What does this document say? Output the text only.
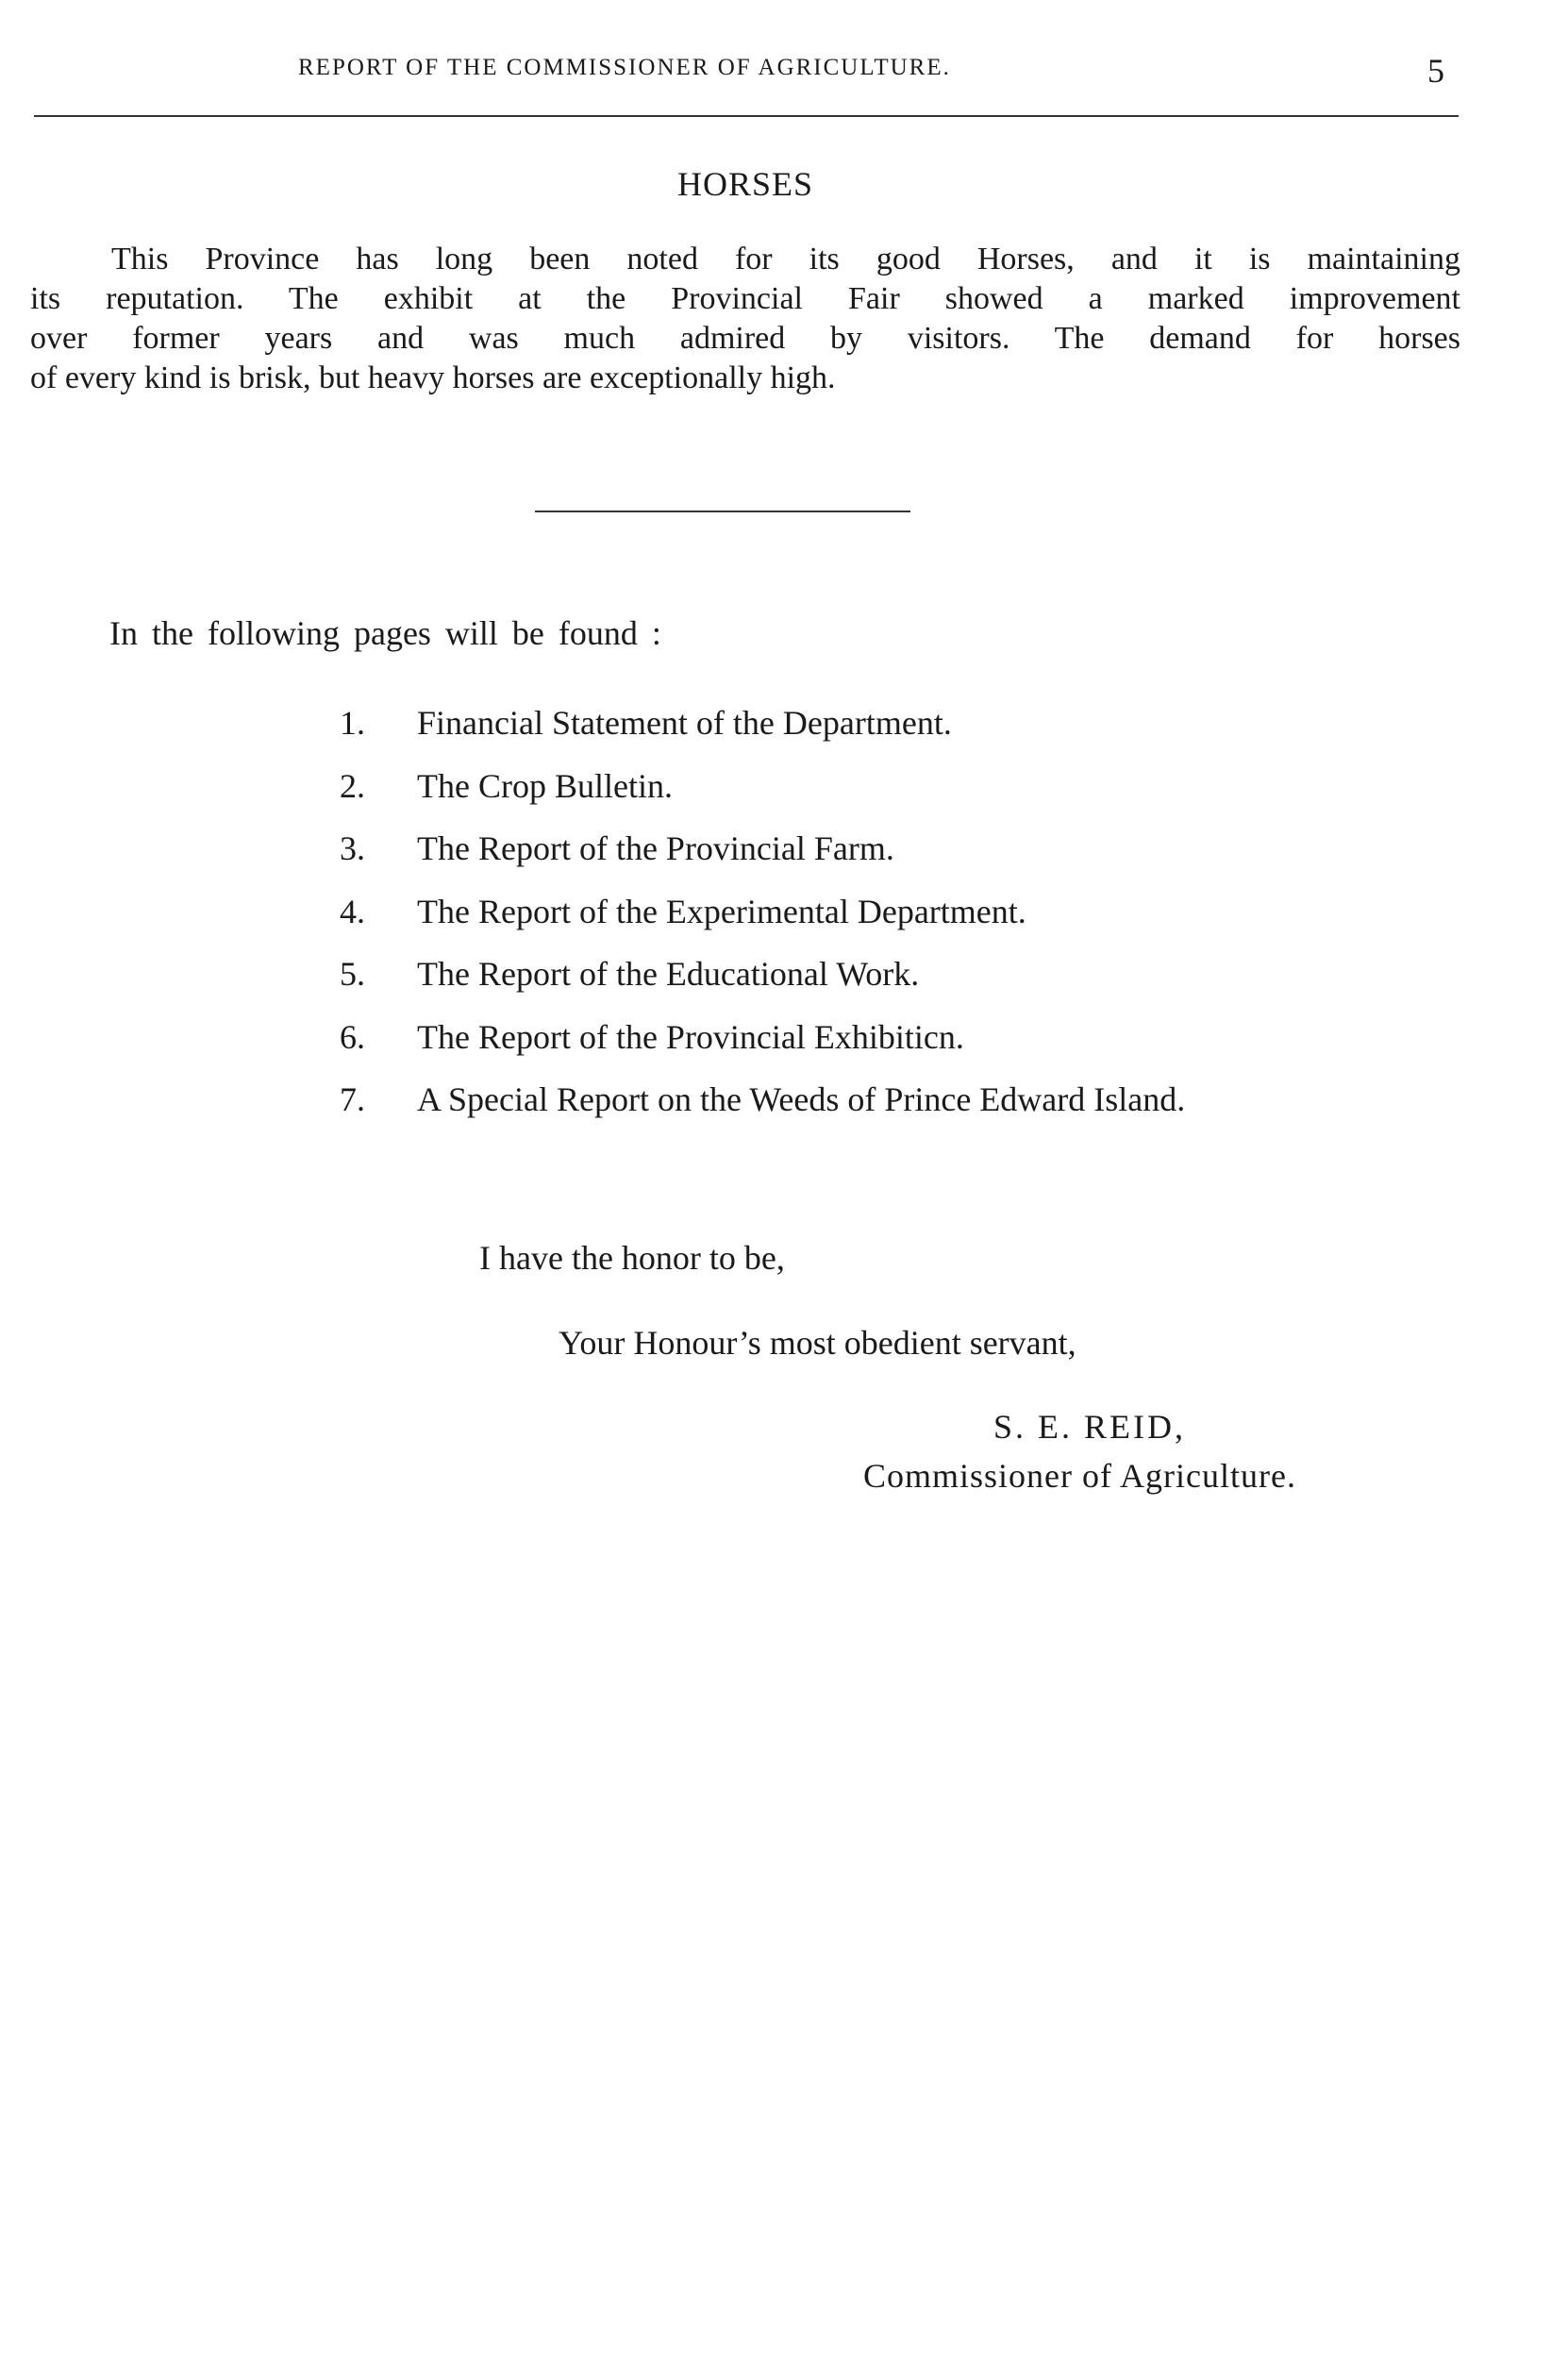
REPORT OF THE COMMISSIONER OF AGRICULTURE.	5
HORSES
This Province has long been noted for its good Horses, and it is maintaining
its reputation. The exhibit at the Provincial Fair showed a marked improvement
over former years and was much admired by visitors. The demand for horses
of every kind is brisk, but heavy horses are exceptionally high.
In the following pages will be found :
1. Financial Statement of the Department.
2. The Crop Bulletin.
3. The Report of the Provincial Farm.
4. The Report of the Experimental Department.
5. The Report of the Educational Work.
6. The Report of the Provincial Exhibiticn.
7. A Special Report on the Weeds of Prince Edward Island.
I have the honor to be,
Your Honour’s most obedient servant,
S. E. REID,
Commissioner of Agriculture.
